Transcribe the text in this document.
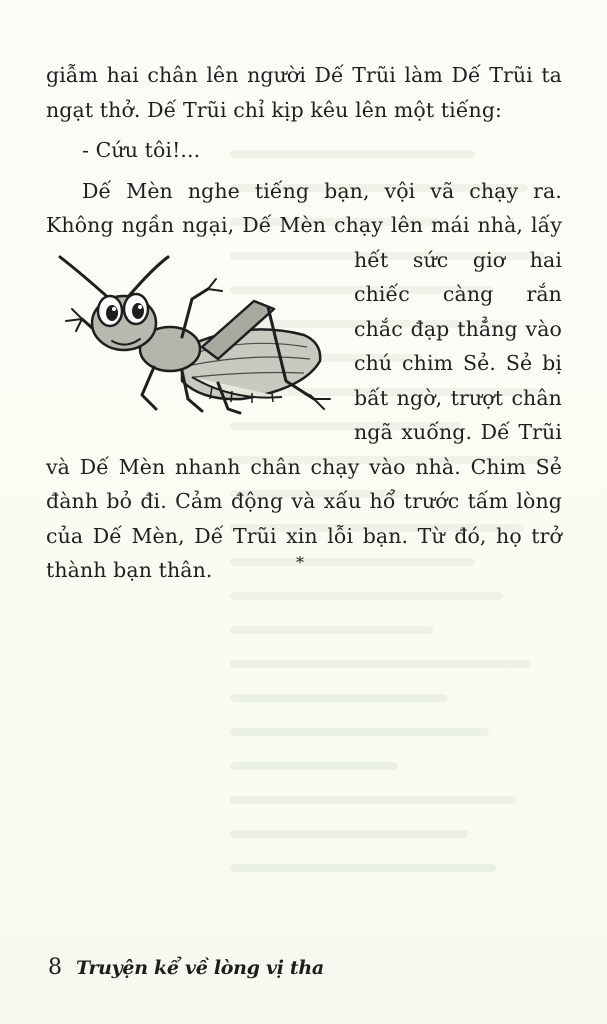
giẫm hai chân lên người Dế Trũi làm Dế Trũi ta ngạt thở. Dế Trũi chỉ kịp kêu lên một tiếng:

- Cứu tôi!...

Dế Mèn nghe tiếng bạn, vội vã chạy ra. Không ngần ngại, Dế Mèn chạy lên mái nhà, lấy hết sức giơ hai chiếc càng rắn chắc đạp thẳng vào chú chim Sẻ. Sẻ bị bất ngờ, trượt chân ngã xuống. Dế Trũi và Dế Mèn nhanh chân chạy vào nhà. Chim Sẻ đành bỏ đi. Cảm động và xấu hổ trước tấm lòng của Dế Mèn, Dế Trũi xin lỗi bạn. Từ đó, họ trở thành bạn thân.	*
8 Truyện kể về lòng vị tha
